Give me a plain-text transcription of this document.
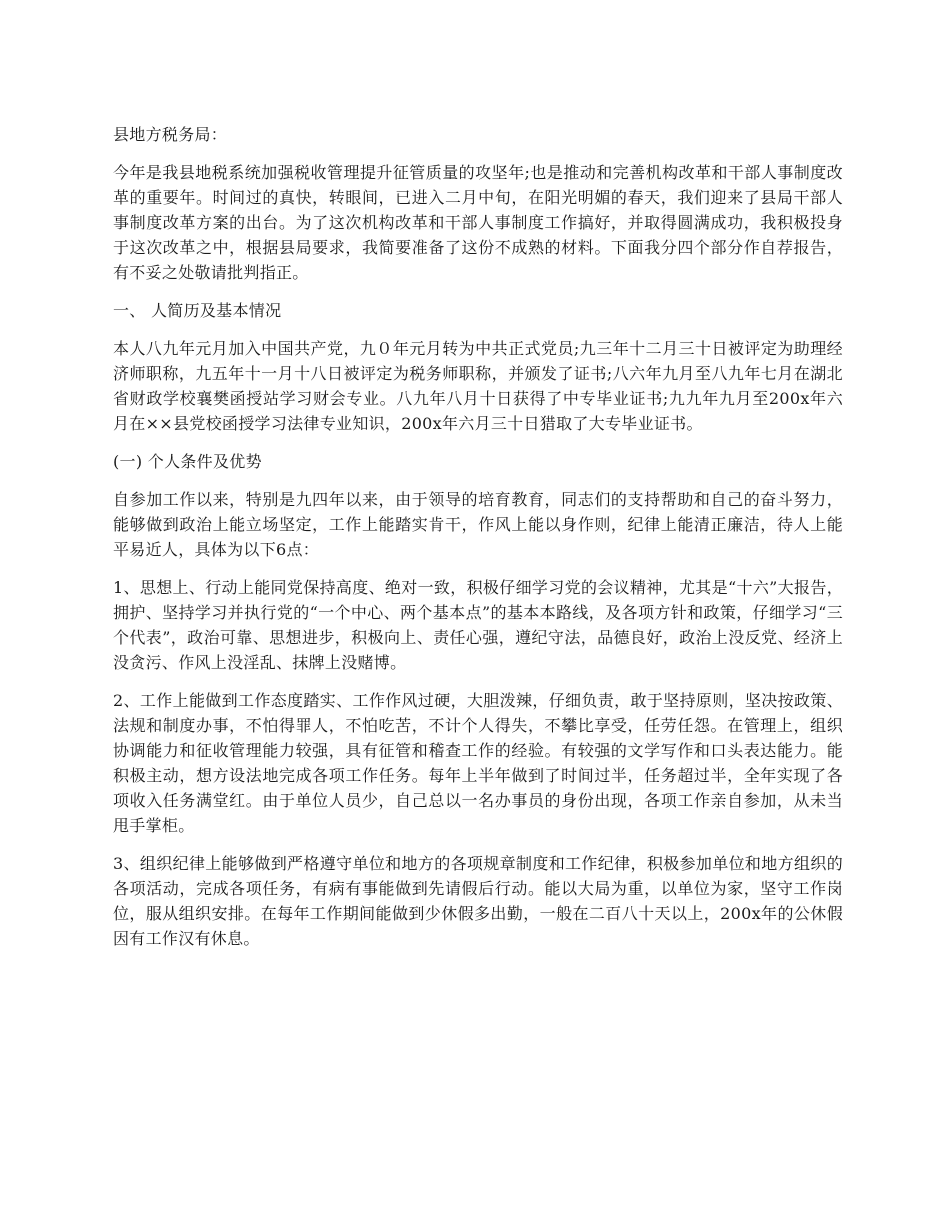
县地方税务局：

今年是我县地税系统加强税收管理提升征管质量的攻坚年;也是推动和完善机构改革和干部人事制度改革的重要年。时间过的真快，转眼间，已进入二月中旬，在阳光明媚的春天，我们迎来了县局干部人事制度改革方案的出台。为了这次机构改革和干部人事制度工作搞好，并取得圆满成功，我积极投身于这次改革之中，根据县局要求，我简要准备了这份不成熟的材料。下面我分四个部分作自荐报告，有不妥之处敬请批判指正。

一、 人简历及基本情况

本人八九年元月加入中国共产党，九０年元月转为中共正式党员;九三年十二月三十日被评定为助理经济师职称，九五年十一月十八日被评定为税务师职称，并颁发了证书;八六年九月至八九年七月在湖北省财政学校襄樊函授站学习财会专业。八九年八月十日获得了中专毕业证书;九九年九月至200x年六月在××县党校函授学习法律专业知识，200x年六月三十日猎取了大专毕业证书。

(一) 个人条件及优势

自参加工作以来，特别是九四年以来，由于领导的培育教育，同志们的支持帮助和自己的奋斗努力，能够做到政治上能立场坚定，工作上能踏实肯干，作风上能以身作则，纪律上能清正廉洁，待人上能平易近人，具体为以下6点：

1、思想上、行动上能同党保持高度、绝对一致，积极仔细学习党的会议精神，尤其是“十六”大报告，拥护、坚持学习并执行党的“一个中心、两个基本点”的基本本路线，及各项方针和政策，仔细学习“三个代表”，政治可靠、思想进步，积极向上、责任心强，遵纪守法，品德良好，政治上没反党、经济上没贪污、作风上没淫乱、抹牌上没赌博。

2、工作上能做到工作态度踏实、工作作风过硬，大胆泼辣，仔细负责，敢于坚持原则，坚决按政策、法规和制度办事，不怕得罪人，不怕吃苦，不计个人得失，不攀比享受，任劳任怨。在管理上，组织协调能力和征收管理能力较强，具有征管和稽查工作的经验。有较强的文学写作和口头表达能力。能积极主动，想方设法地完成各项工作任务。每年上半年做到了时间过半，任务超过半，全年实现了各项收入任务满堂红。由于单位人员少，自己总以一名办事员的身份出现，各项工作亲自参加，从未当甩手掌柜。

3、组织纪律上能够做到严格遵守单位和地方的各项规章制度和工作纪律，积极参加单位和地方组织的各项活动，完成各项任务，有病有事能做到先请假后行动。能以大局为重，以单位为家，坚守工作岗位，服从组织安排。在每年工作期间能做到少休假多出勤，一般在二百八十天以上，200x年的公休假因有工作汉有休息。
